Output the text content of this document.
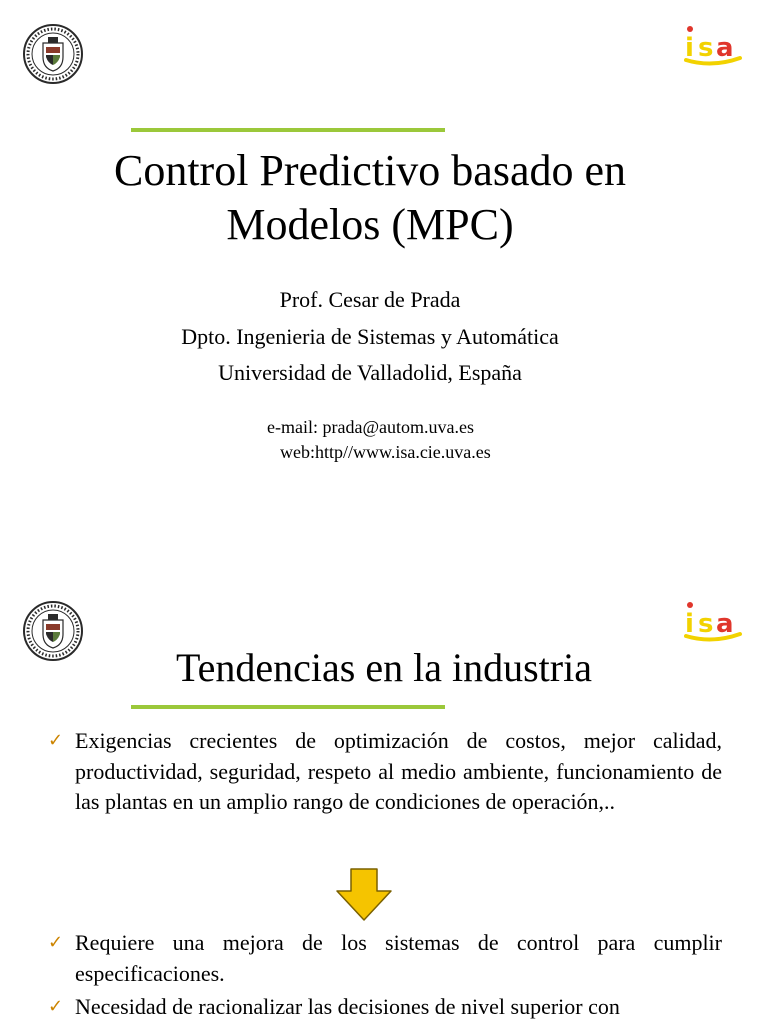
i s a
Control Predictivo basado en
Modelos (MPC)
Prof. Cesar de Prada
Dpto. Ingenieria de Sistemas y Automática
Universidad de Valladolid, España
e-mail: prada@autom.uva.es
web:http//www.isa.cie.uva.es
i s a
Tendencias en la industria
✓ Exigencias crecientes de optimización de costos, mejor calidad, productividad, seguridad, respeto al medio ambiente, funcionamiento de las plantas en un amplio rango de condiciones de operación,..
✓ Requiere una mejora de los sistemas de control para cumplir especificaciones.
✓ Necesidad de racionalizar las decisiones de nivel superior con
